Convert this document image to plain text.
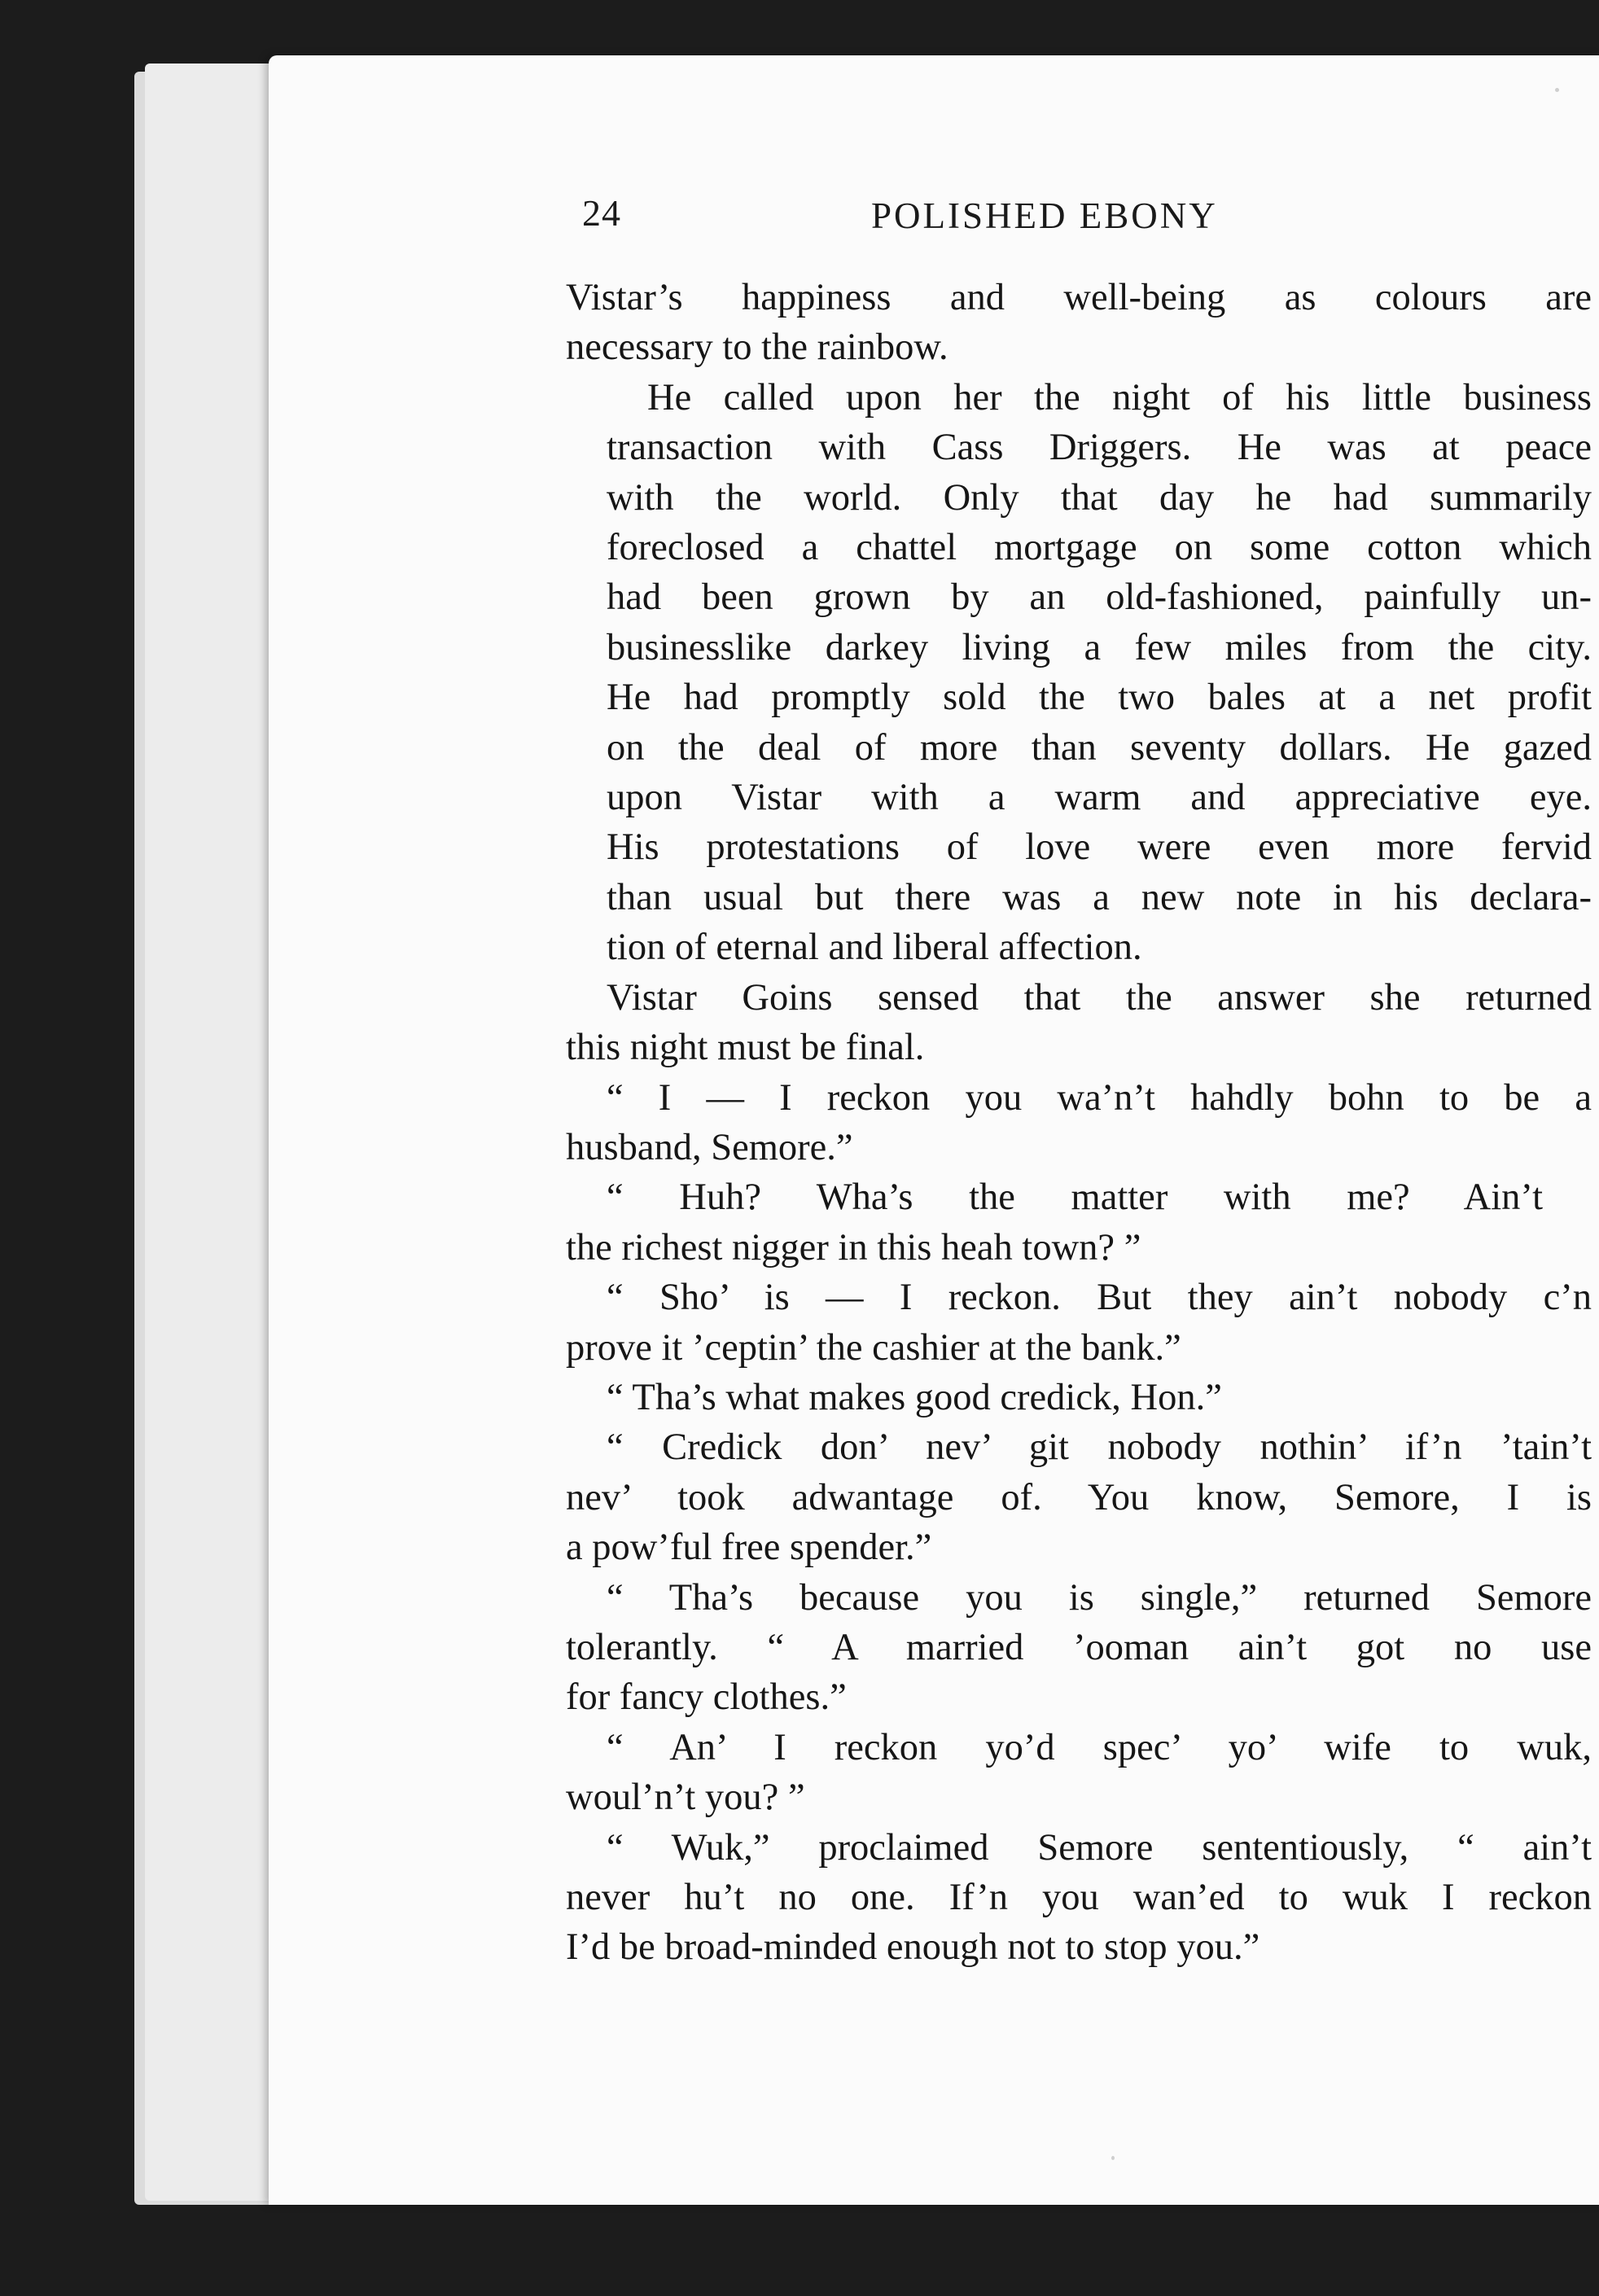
24	POLISHED EBONY

Vistar’s happiness and well-being as colours are
necessary to the rainbow.

He called upon her the night of his little business
transaction with Cass Driggers. He was at peace
with the world. Only that day he had summarily
foreclosed a chattel mortgage on some cotton which
had been grown by an old-fashioned, painfully un-
businesslike darkey living a few miles from the city.
He had promptly sold the two bales at a net profit
on the deal of more than seventy dollars. He gazed
upon Vistar with a warm and appreciative eye.
His protestations of love were even more fervid
than usual but there was a new note in his declara-
tion of eternal and liberal affection.

Vistar Goins sensed that the answer she returned
this night must be final.

“ I — I reckon you wa’n’t hahdly bohn to be a
husband, Semore.”

“ Huh? Wha’s the matter with me? Ain’t
the richest nigger in this heah town? ”

“ Sho’ is — I reckon. But they ain’t nobody c’n
prove it ’ceptin’ the cashier at the bank.”

“ Tha’s what makes good credick, Hon.”

“ Credick don’ nev’ git nobody nothin’ if’n ’tain’t
nev’ took adwantage of. You know, Semore, I is
a pow’ful free spender.”

“ Tha’s because you is single,” returned Semore
tolerantly. “ A married ’ooman ain’t got no use
for fancy clothes.”

“ An’ I reckon yo’d spec’ yo’ wife to wuk,
woul’n’t you? ”

“ Wuk,” proclaimed Semore sententiously, “ ain’t
never hu’t no one. If’n you wan’ed to wuk I reckon
I’d be broad-minded enough not to stop you.”
